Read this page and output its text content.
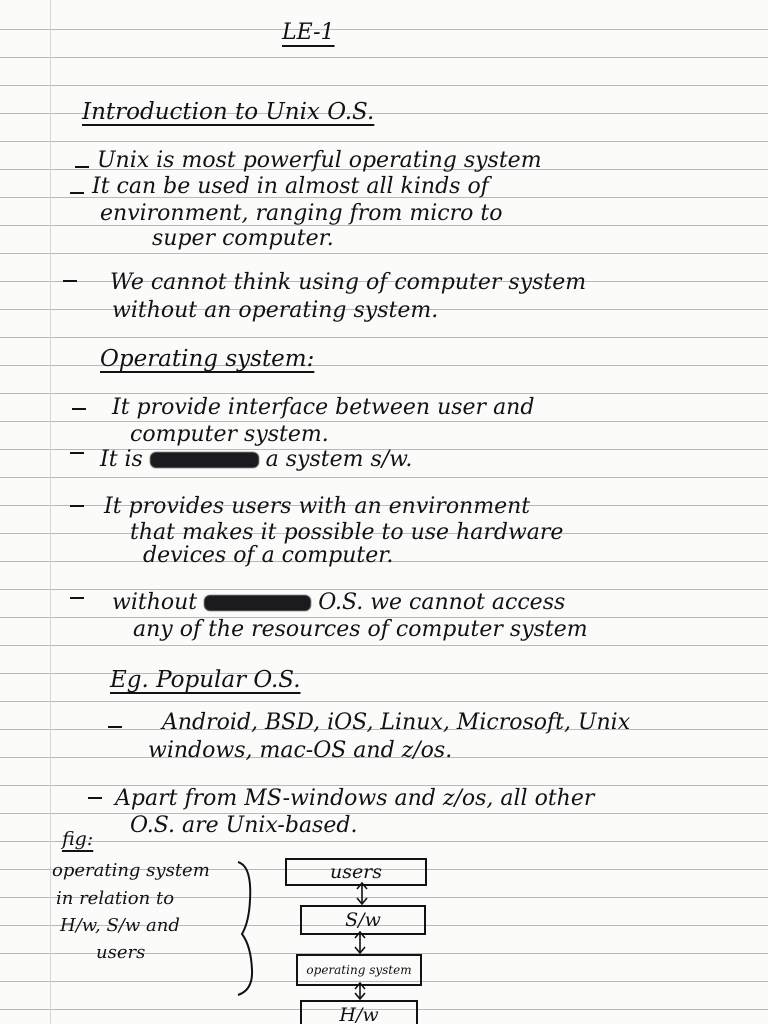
LE-1

Introduction to Unix O.S.

Unix is most powerful operating system

It can be used in almost all kinds of

environment, ranging from micro to

super computer.

We cannot think using of computer system

without an operating system.

Operating system:

It provide interface between user and

computer system.

It is	a system s/w.

It provides users with an environment

that makes it possible to use hardware

devices of a computer.

without	O.S. we cannot access

any of the resources of computer system

Eg. Popular O.S.

Android, BSD, iOS, Linux, Microsoft, Unix

windows, mac-OS and z/os.

Apart from MS-windows and z/os, all other

O.S. are Unix-based.

fig:

operating system

in relation to

H/w, S/w and

users

users
S/w
operating system
H/w
